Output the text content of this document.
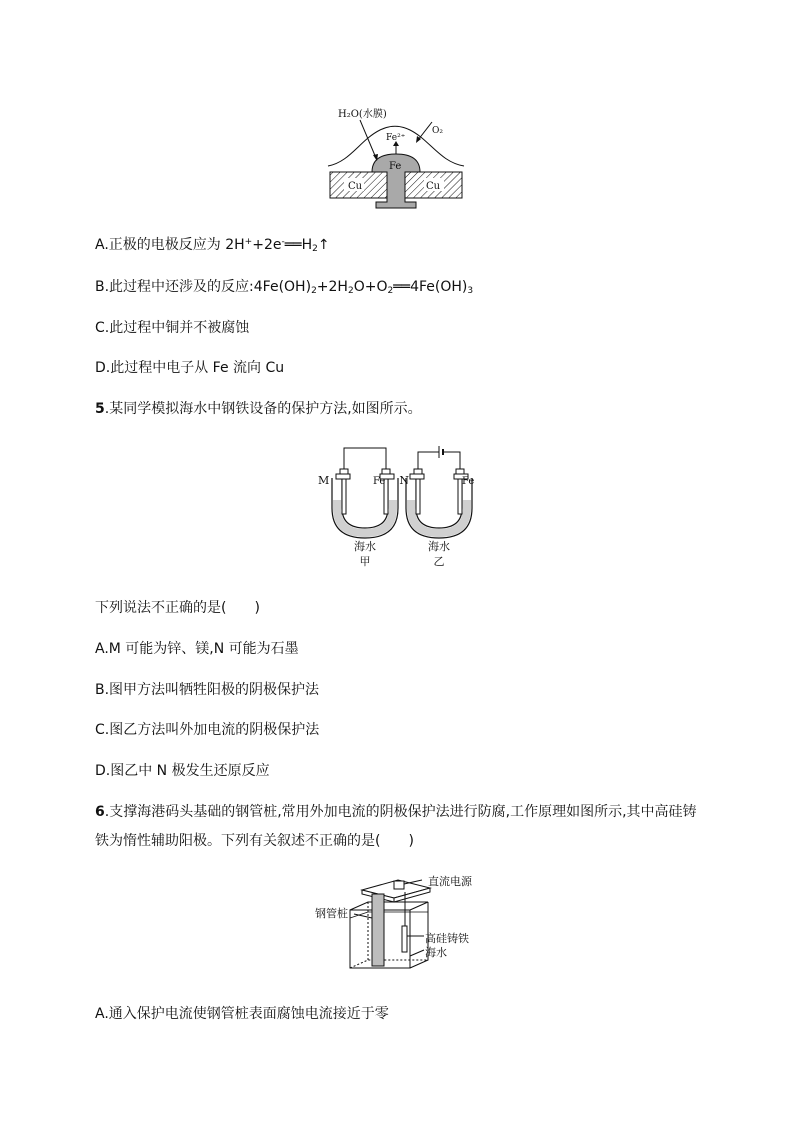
H₂O(水膜)
Fe²⁺
O₂
Fe
Cu	Cu
A.正极的电极反应为 $2H^++2e^-══H_2↑$
B.此过程中还涉及的反应$:4Fe(OH)_2+2H_2O+O_2══4Fe(OH)_3$
C.此过程中铜并不被腐蚀
D.此过程中电子从 Fe 流向 Cu
5.某同学模拟海水中钢铁设备的保护方法,如图所示。
M	Fe N	Fe
海水	海水
甲	乙
下列说法不正确的是(　　)
A.M 可能为锌、镁,N 可能为石墨
B.图甲方法叫牺牲阳极的阴极保护法
C.图乙方法叫外加电流的阴极保护法
D.图乙中 N 极发生还原反应
6.支撑海港码头基础的钢管桩,常用外加电流的阴极保护法进行防腐,工作原理如图所示,其中高硅铸
铁为惰性辅助阳极。下列有关叙述不正确的是(　　)
直流电源
钢管桩
高硅铸铁
海水
A.通入保护电流使钢管桩表面腐蚀电流接近于零
